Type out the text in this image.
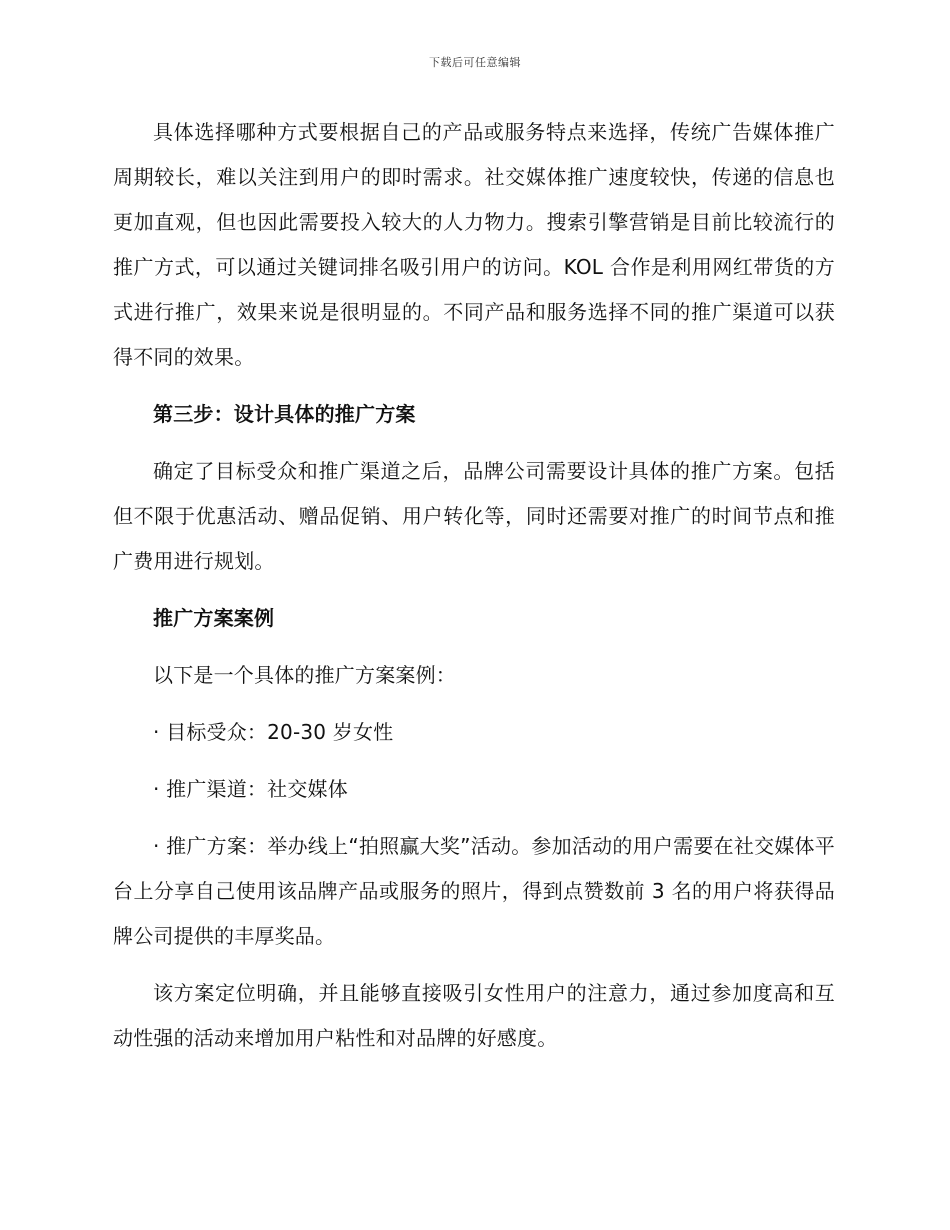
下载后可任意编辑

具体选择哪种方式要根据自己的产品或服务特点来选择，传统广告媒体推广周期较长，难以关注到用户的即时需求。社交媒体推广速度较快，传递的信息也更加直观，但也因此需要投入较大的人力物力。搜索引擎营销是目前比较流行的推广方式，可以通过关键词排名吸引用户的访问。KOL 合作是利用网红带货的方式进行推广，效果来说是很明显的。不同产品和服务选择不同的推广渠道可以获得不同的效果。

第三步：设计具体的推广方案

确定了目标受众和推广渠道之后，品牌公司需要设计具体的推广方案。包括但不限于优惠活动、赠品促销、用户转化等，同时还需要对推广的时间节点和推广费用进行规划。

推广方案案例

以下是一个具体的推广方案案例：

· 目标受众：20-30 岁女性

· 推广渠道：社交媒体

· 推广方案：举办线上“拍照赢大奖”活动。参加活动的用户需要在社交媒体平台上分享自己使用该品牌产品或服务的照片，得到点赞数前 3 名的用户将获得品牌公司提供的丰厚奖品。

该方案定位明确，并且能够直接吸引女性用户的注意力，通过参加度高和互动性强的活动来增加用户粘性和对品牌的好感度。
